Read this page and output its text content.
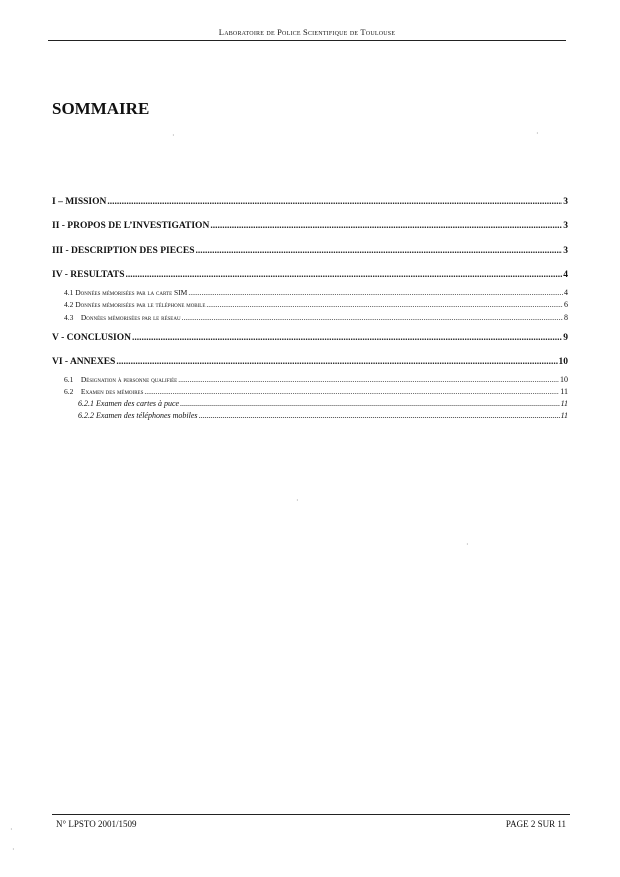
Laboratoire de Police Scientifique de Toulouse
SOMMAIRE
I – MISSION .....	3
II - PROPOS DE L’INVESTIGATION .....	3
III - DESCRIPTION DES PIECES .....	3
IV - RESULTATS .....	4
4.1 Données mémorisées par la carte SIM .....	4
4.2 Données mémorisées par le téléphone mobile .....	6
4.3    Données mémorisées par le réseau .....	8
V - CONCLUSION .....	9
VI - ANNEXES .....	10
6.1    Désignation à personne qualifiée .....	10
6.2    Examen des mémoires .....	11
6.2.1 Examen des cartes à puce .....	11
6.2.2 Examen des téléphones mobiles .....	11
·	·
·
·
·
·
N° LPSTO 2001/1509	PAGE 2 SUR 11
